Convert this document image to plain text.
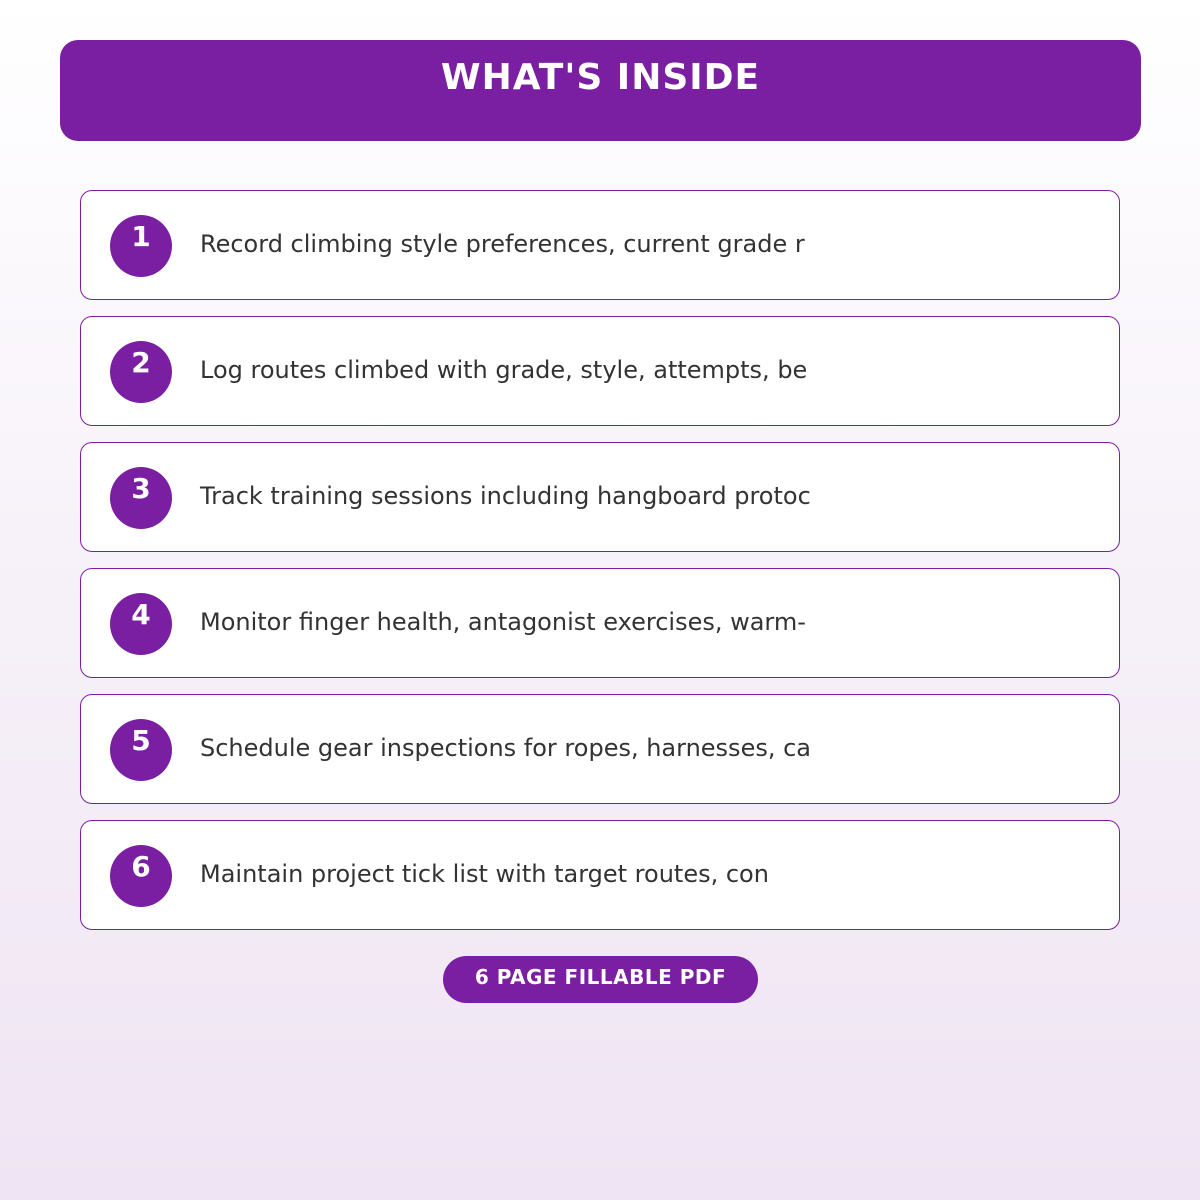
WHAT'S INSIDE
1	Record climbing style preferences, current grade r
2	Log routes climbed with grade, style, attempts, be
3	Track training sessions including hangboard protoc
4	Monitor finger health, antagonist exercises, warm-
5	Schedule gear inspections for ropes, harnesses, ca
6	Maintain project tick list with target routes, con
6 PAGE FILLABLE PDF
